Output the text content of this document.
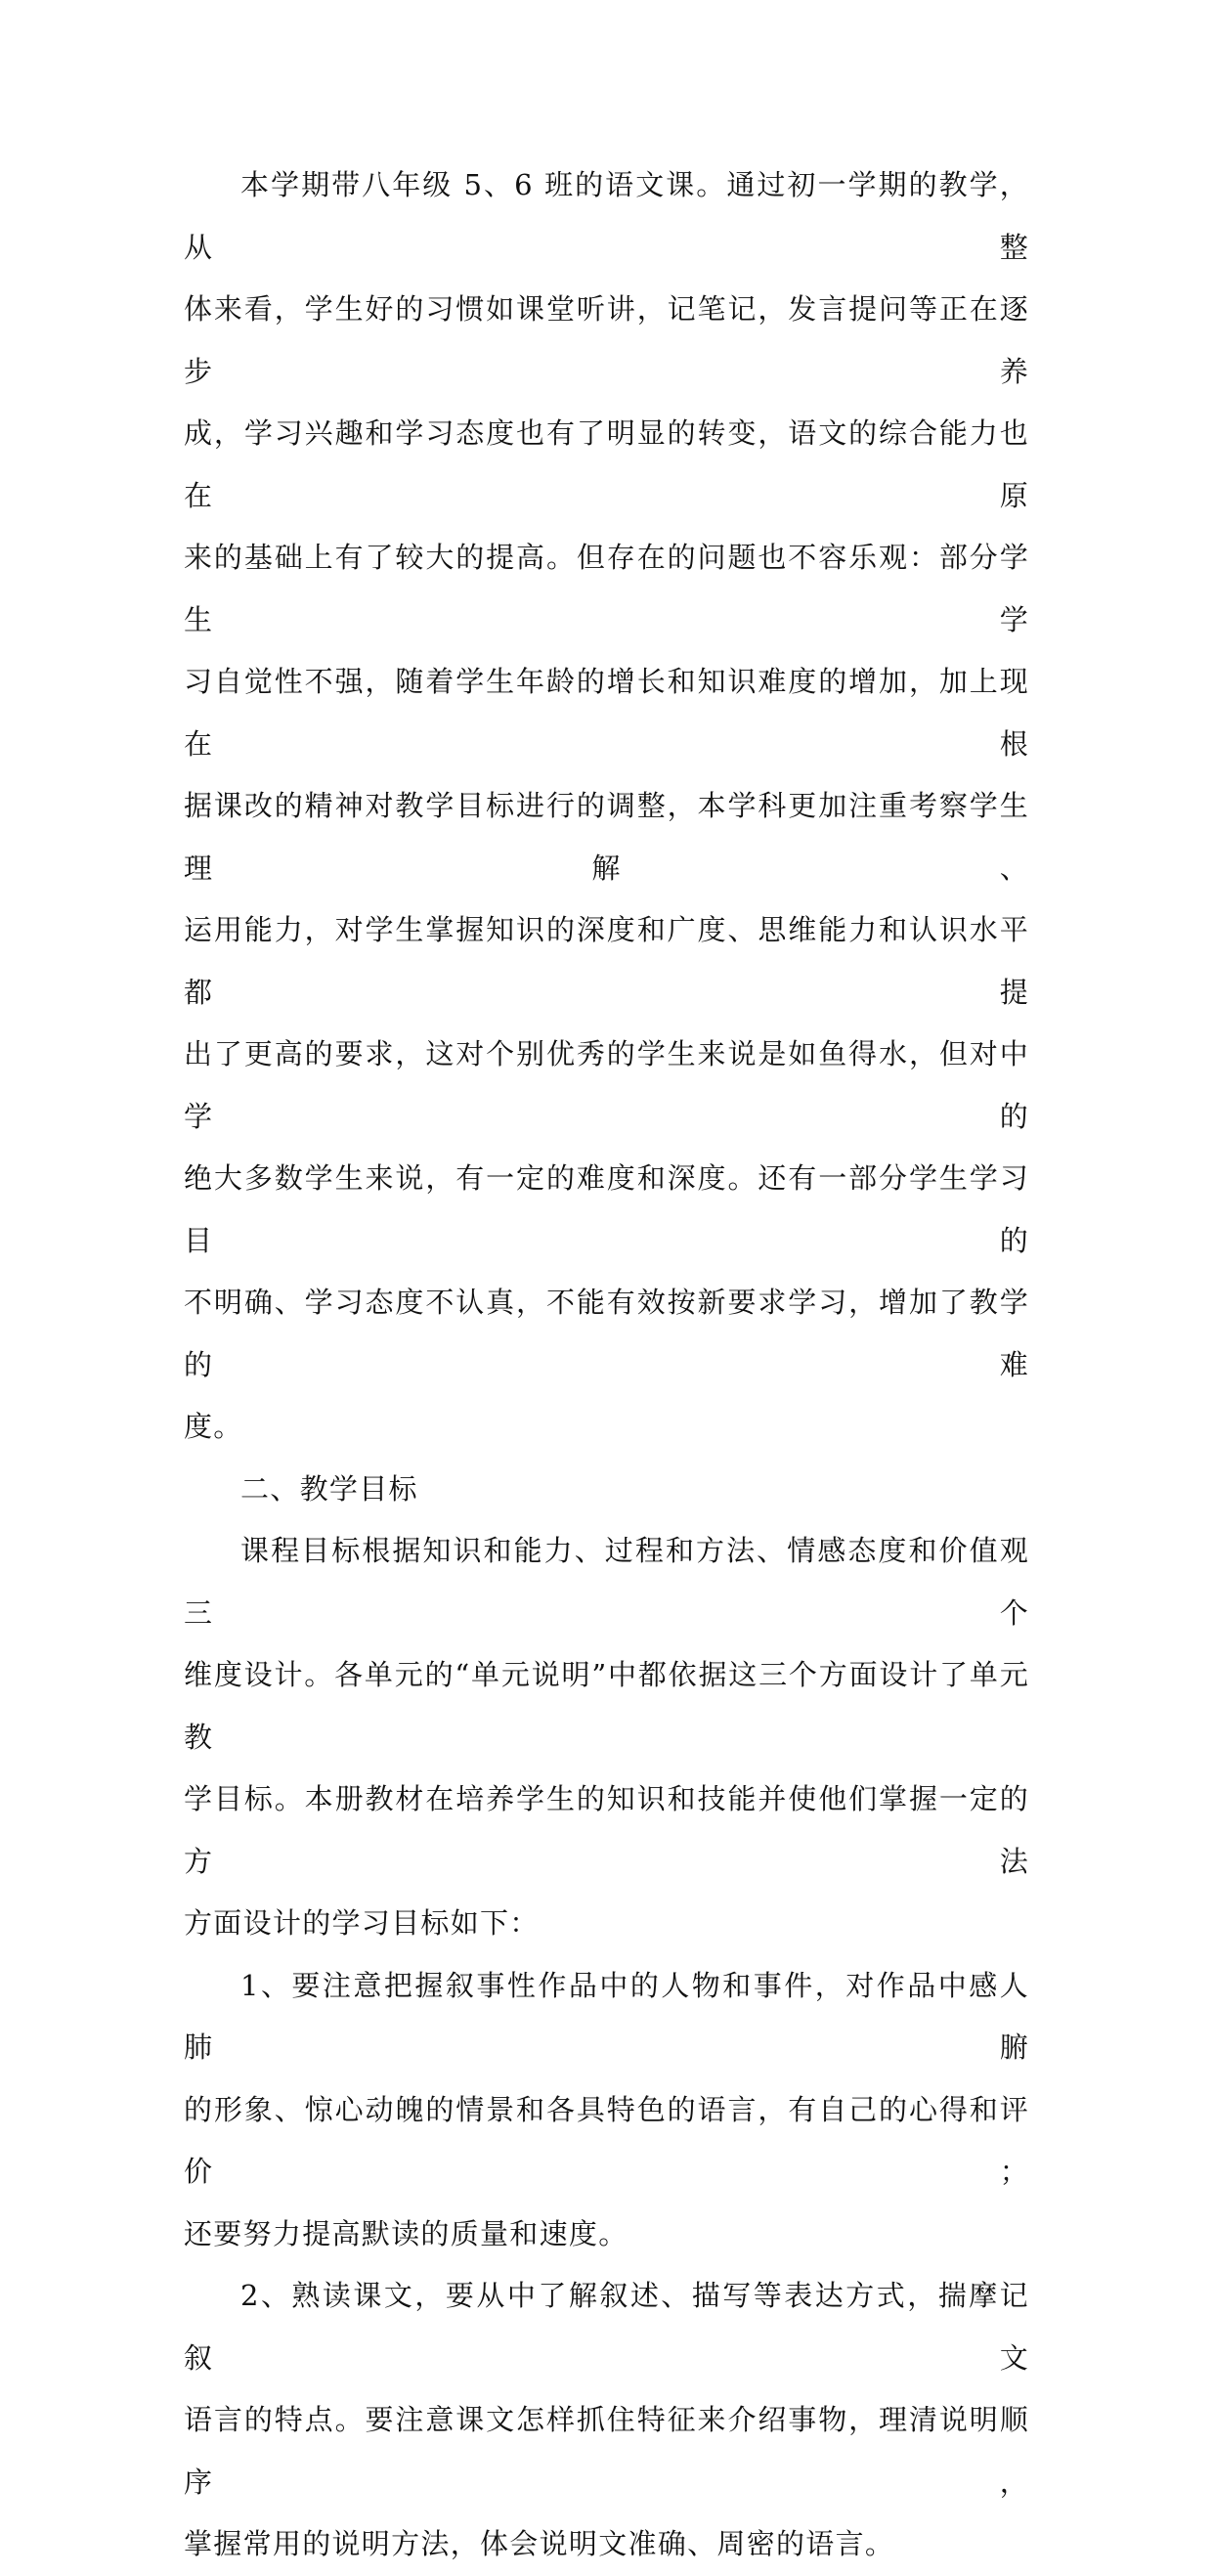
本学期带八年级 5、6 班的语文课。通过初一学期的教学，从整
体来看，学生好的习惯如课堂听讲，记笔记，发言提问等正在逐步养
成，学习兴趣和学习态度也有了明显的转变，语文的综合能力也在原
来的基础上有了较大的提高。但存在的问题也不容乐观：部分学生学
习自觉性不强，随着学生年龄的增长和知识难度的增加，加上现在根
据课改的精神对教学目标进行的调整，本学科更加注重考察学生理解、
运用能力，对学生掌握知识的深度和广度、思维能力和认识水平都提
出了更高的要求，这对个别优秀的学生来说是如鱼得水，但对中学的
绝大多数学生来说，有一定的难度和深度。还有一部分学生学习目的
不明确、学习态度不认真，不能有效按新要求学习，增加了教学的难
度。
二、教学目标
课程目标根据知识和能力、过程和方法、情感态度和价值观三个
维度设计。各单元的“单元说明”中都依据这三个方面设计了单元教
学目标。本册教材在培养学生的知识和技能并使他们掌握一定的方法
方面设计的学习目标如下：
1、要注意把握叙事性作品中的人物和事件，对作品中感人肺腑
的形象、惊心动魄的情景和各具特色的语言，有自己的心得和评价；
还要努力提高默读的质量和速度。
2、熟读课文，要从中了解叙述、描写等表达方式，揣摩记叙文
语言的特点。要注意课文怎样抓住特征来介绍事物，理清说明顺序，
掌握常用的说明方法，体会说明文准确、周密的语言。
